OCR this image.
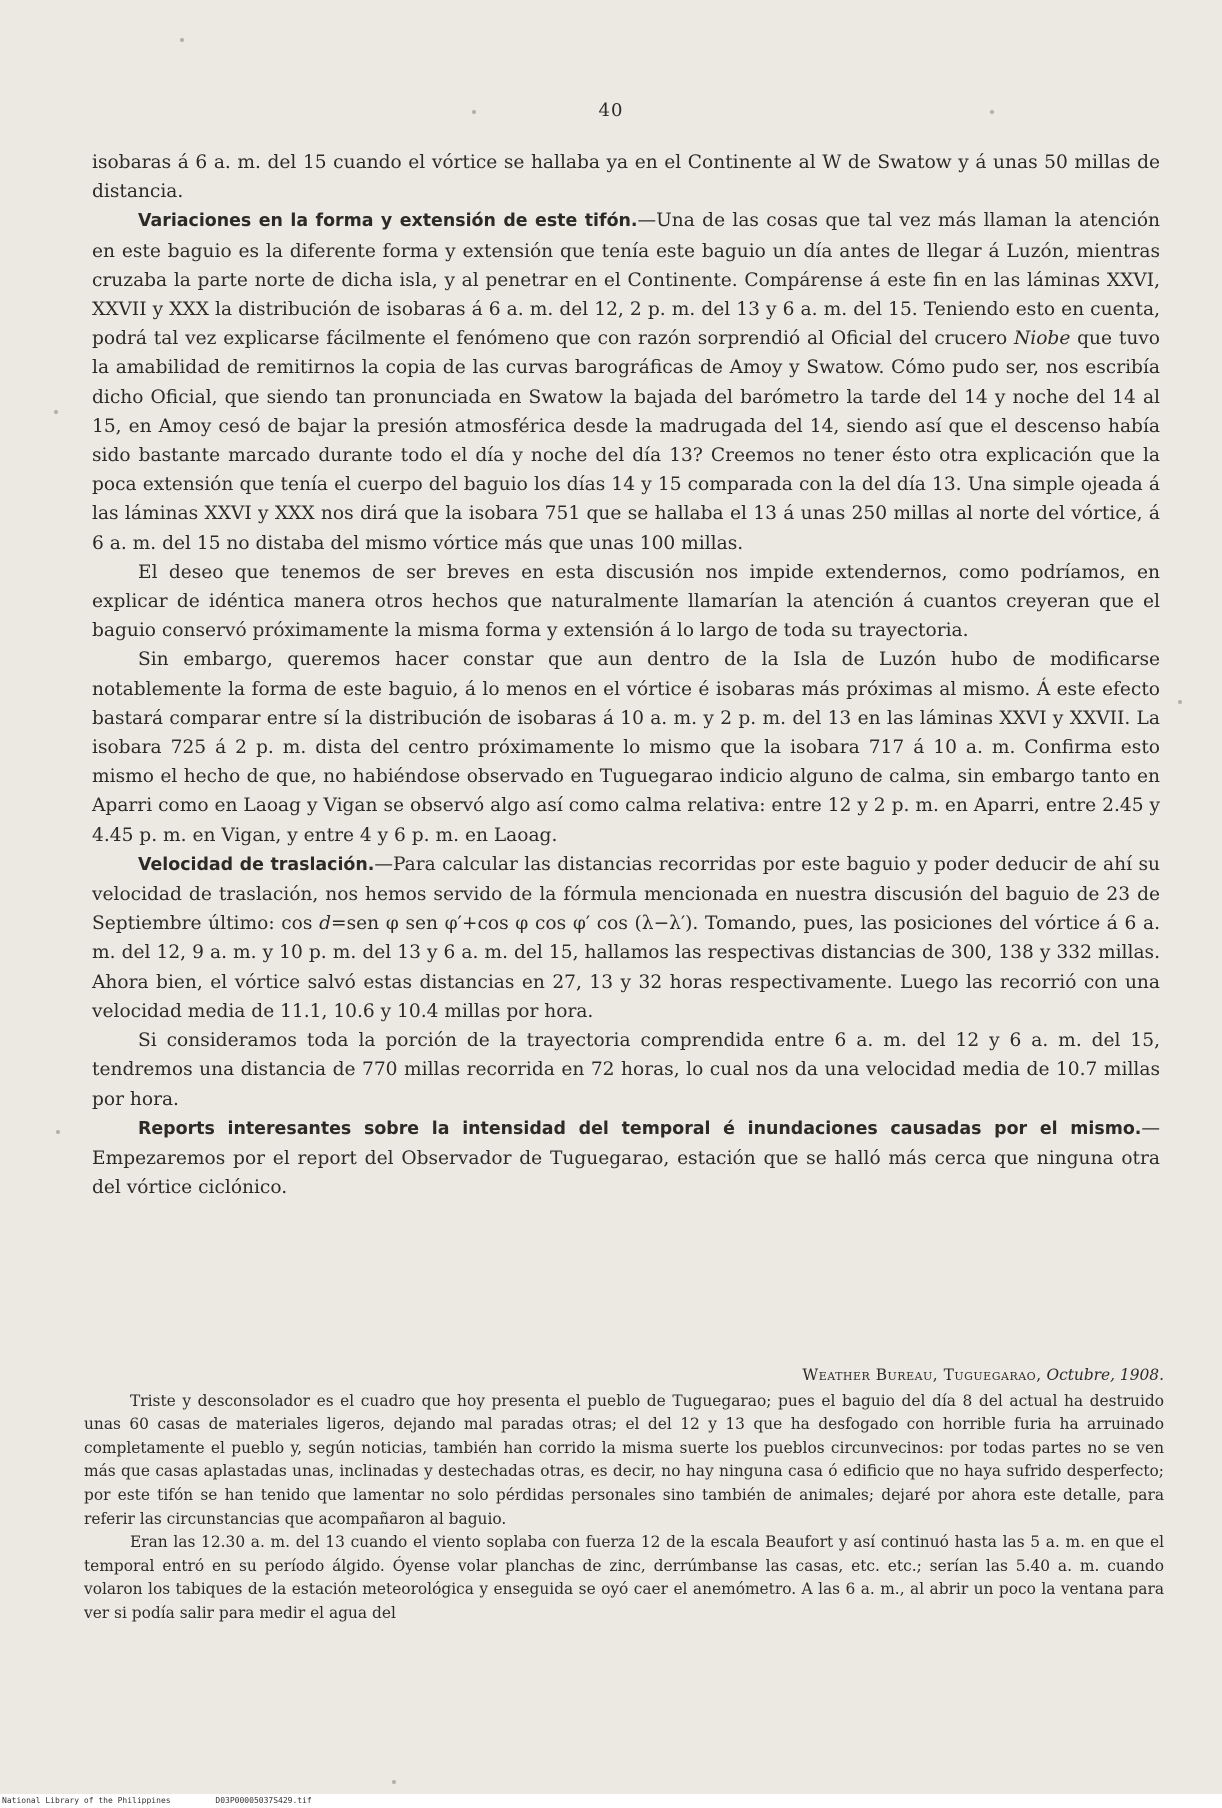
40

isobaras á 6 a. m. del 15 cuando el vórtice se hallaba ya en el Continente al W de Swatow y á unas 50 millas de distancia.

Variaciones en la forma y extensión de este tifón.—Una de las cosas que tal vez más llaman la atención en este baguio es la diferente forma y extensión que tenía este baguio un día antes de llegar á Luzón, mientras cruzaba la parte norte de dicha isla, y al penetrar en el Continente. Compárense á este fin en las láminas XXVI, XXVII y XXX la distribución de isobaras á 6 a. m. del 12, 2 p. m. del 13 y 6 a. m. del 15. Teniendo esto en cuenta, podrá tal vez explicarse fácilmente el fenómeno que con razón sorprendió al Oficial del crucero Niobe que tuvo la amabilidad de remitirnos la copia de las curvas barográficas de Amoy y Swatow. Cómo pudo ser, nos escribía dicho Oficial, que siendo tan pronunciada en Swatow la bajada del barómetro la tarde del 14 y noche del 14 al 15, en Amoy cesó de bajar la presión atmosférica desde la madrugada del 14, siendo así que el descenso había sido bastante marcado durante todo el día y noche del día 13? Creemos no tener ésto otra explicación que la poca extensión que tenía el cuerpo del baguio los días 14 y 15 comparada con la del día 13. Una simple ojeada á las láminas XXVI y XXX nos dirá que la isobara 751 que se hallaba el 13 á unas 250 millas al norte del vórtice, á 6 a. m. del 15 no distaba del mismo vórtice más que unas 100 millas.

El deseo que tenemos de ser breves en esta discusión nos impide extendernos, como podríamos, en explicar de idéntica manera otros hechos que naturalmente llamarían la atención á cuantos creyeran que el baguio conservó próximamente la misma forma y extensión á lo largo de toda su trayectoria.

Sin embargo, queremos hacer constar que aun dentro de la Isla de Luzón hubo de modificarse notablemente la forma de este baguio, á lo menos en el vórtice é isobaras más próximas al mismo. Á este efecto bastará comparar entre sí la distribución de isobaras á 10 a. m. y 2 p. m. del 13 en las láminas XXVI y XXVII. La isobara 725 á 2 p. m. dista del centro próximamente lo mismo que la isobara 717 á 10 a. m. Confirma esto mismo el hecho de que, no habiéndose observado en Tuguegarao indicio alguno de calma, sin embargo tanto en Aparri como en Laoag y Vigan se observó algo así como calma relativa: entre 12 y 2 p. m. en Aparri, entre 2.45 y 4.45 p. m. en Vigan, y entre 4 y 6 p. m. en Laoag.

Velocidad de traslación.—Para calcular las distancias recorridas por este baguio y poder deducir de ahí su velocidad de traslación, nos hemos servido de la fórmula mencionada en nuestra discusión del baguio de 23 de Septiembre último: cos d=sen φ sen φ′+cos φ cos φ′ cos (λ−λ′). Tomando, pues, las posiciones del vórtice á 6 a. m. del 12, 9 a. m. y 10 p. m. del 13 y 6 a. m. del 15, hallamos las respectivas distancias de 300, 138 y 332 millas. Ahora bien, el vórtice salvó estas distancias en 27, 13 y 32 horas respectivamente. Luego las recorrió con una velocidad media de 11.1, 10.6 y 10.4 millas por hora.

Si consideramos toda la porción de la trayectoria comprendida entre 6 a. m. del 12 y 6 a. m. del 15, tendremos una distancia de 770 millas recorrida en 72 horas, lo cual nos da una velocidad media de 10.7 millas por hora.

Reports interesantes sobre la intensidad del temporal é inundaciones causadas por el mismo.—Empezaremos por el report del Observador de Tuguegarao, estación que se halló más cerca que ninguna otra del vórtice ciclónico.

Weather Bureau, Tuguegarao, Octubre, 1908.

Triste y desconsolador es el cuadro que hoy presenta el pueblo de Tuguegarao; pues el baguio del día 8 del actual ha destruido unas 60 casas de materiales ligeros, dejando mal paradas otras; el del 12 y 13 que ha desfogado con horrible furia ha arruinado completamente el pueblo y, según noticias, también han corrido la misma suerte los pueblos circunvecinos: por todas partes no se ven más que casas aplastadas unas, inclinadas y destechadas otras, es decir, no hay ninguna casa ó edificio que no haya sufrido desperfecto; por este tifón se han tenido que lamentar no solo pérdidas personales sino también de animales; dejaré por ahora este detalle, para referir las circunstancias que acompañaron al baguio.

Eran las 12.30 a. m. del 13 cuando el viento soplaba con fuerza 12 de la escala Beaufort y así continuó hasta las 5 a. m. en que el temporal entró en su período álgido. Óyense volar planchas de zinc, derrúmbanse las casas, etc. etc.; serían las 5.40 a. m. cuando volaron los tabiques de la estación meteorológica y enseguida se oyó caer el anemómetro. A las 6 a. m., al abrir un poco la ventana para ver si podía salir para medir el agua del

National Library of the Philippines	D03P00005037S429.tif
